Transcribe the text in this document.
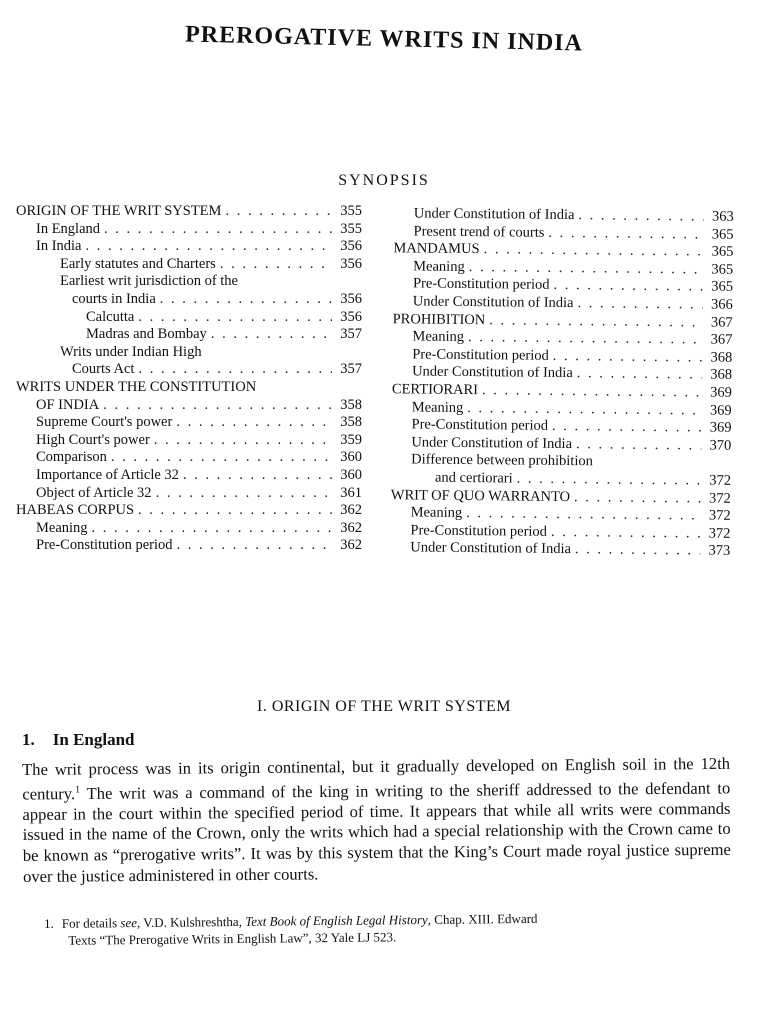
PREROGATIVE WRITS IN INDIA
SYNOPSIS
ORIGIN OF THE WRIT SYSTEM . . .	355
In England . . .	355
In India . . .	356
Early statutes and Charters . . .	356
Earliest writ jurisdiction of the
courts in India . . .	356
Calcutta . . .	356
Madras and Bombay . . .	357
Writs under Indian High
Courts Act . . .	357
WRITS UNDER THE CONSTITUTION
OF INDIA . . .	358
Supreme Court's power . . .	358
High Court's power . . .	359
Comparison . . .	360
Importance of Article 32 . . .	360
Object of Article 32 . . .	361
HABEAS CORPUS . . .	362
Meaning . . .	362
Pre-Constitution period . . .	362
Under Constitution of India . . .	363
Present trend of courts . . .	365
MANDAMUS . . .	365
Meaning . . .	365
Pre-Constitution period . . .	365
Under Constitution of India . . .	366
PROHIBITION . . .	367
Meaning . . .	367
Pre-Constitution period . . .	368
Under Constitution of India . . .	368
CERTIORARI . . .	369
Meaning . . .	369
Pre-Constitution period . . .	369
Under Constitution of India . . .	370
Difference between prohibition
and certiorari . . .	372
WRIT OF QUO WARRANTO . . .	372
Meaning . . .	372
Pre-Constitution period . . .	372
Under Constitution of India . . .	373
I. ORIGIN OF THE WRIT SYSTEM
1. In England

The writ process was in its origin continental, but it gradually developed on English soil in the 12th century.$^1$ The writ was a command of the king in writing to the sheriff addressed to the defendant to appear in the court within the specified period of time. It appears that while all writs were commands issued in the name of the Crown, only the writs which had a special relationship with the Crown came to be known as “prerogative writs”. It was by this system that the King’s Court made royal justice supreme over the justice administered in other courts.

1. For details see, V.D. Kulshreshtha, Text Book of English Legal History, Chap. XIII. Edward
Texts “The Prerogative Writs in English Law”, 32 Yale LJ 523.
